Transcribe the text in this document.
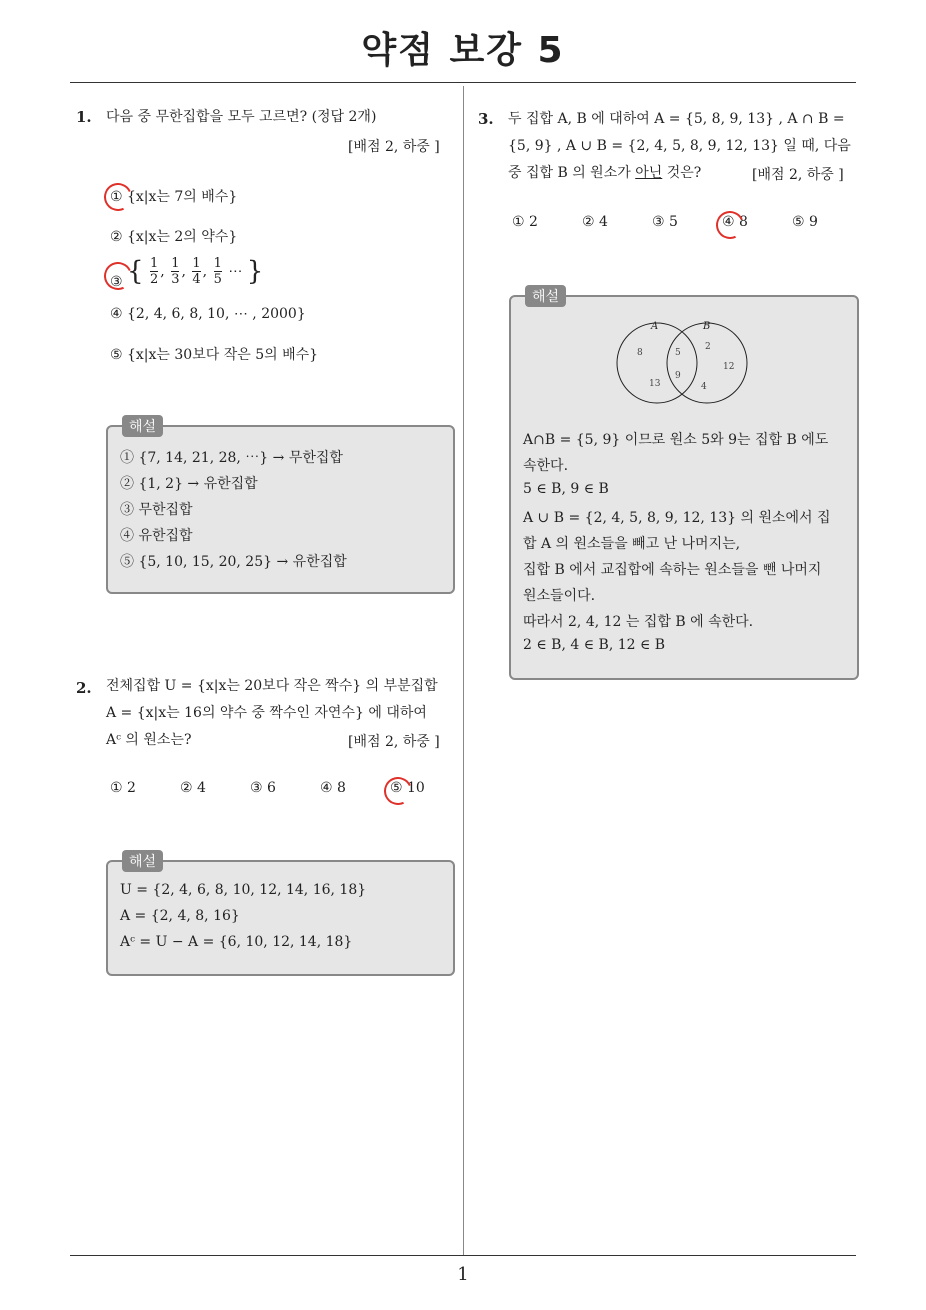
약점 보강 5
1. 다음 중 무한집합을 모두 고르면? (정답 2개)
[배점 2, 하중 ]
① {x|x는 7의 배수}
② {x|x는 2의 약수}
③ { $\frac{1}{2}$ , $\frac{1}{3}$ , $\frac{1}{4}$ , $\frac{1}{5}$ ⋯ }
④ {2, 4, 6, 8, 10, ⋯ , 2000}
⑤ {x|x는 30보다 작은 5의 배수}
해설
① {7, 14, 21, 28, ⋯} → 무한집합
② {1, 2} → 유한집합
③ 무한집합
④ 유한집합
⑤ {5, 10, 15, 20, 25} → 유한집합
2. 전체집합 U = {x|x는 20보다 작은 짝수} 의 부분집합
A = {x|x는 16의 약수 중 짝수인 자연수} 에 대하여
Aᶜ 의 원소는?	[배점 2, 하중 ]
① 2	② 4	③ 6	④ 8	⑤ 10
해설
U = {2, 4, 6, 8, 10, 12, 14, 16, 18}
A = {2, 4, 8, 16}
Aᶜ = U − A = {6, 10, 12, 14, 18}
3. 두 집합 A, B 에 대하여 A = {5, 8, 9, 13} , A ∩ B =
{5, 9} , A ∪ B = {2, 4, 5, 8, 9, 12, 13} 일 때, 다음
중 집합 B 의 원소가 아닌 것은?	[배점 2, 하중 ]
① 2	② 4	③ 5	④ 8	⑤ 9
해설
A	B
8
13
5
9
2
12
4
A∩B = {5, 9} 이므로 원소 5와 9는 집합 B 에도
속한다.
5 ∈ B, 9 ∈ B
A ∪ B = {2, 4, 5, 8, 9, 12, 13} 의 원소에서 집
합 A 의 원소들을 빼고 난 나머지는,
집합 B 에서 교집합에 속하는 원소들을 뺀 나머지
원소들이다.
따라서 2, 4, 12 는 집합 B 에 속한다.
2 ∈ B, 4 ∈ B, 12 ∈ B
1
